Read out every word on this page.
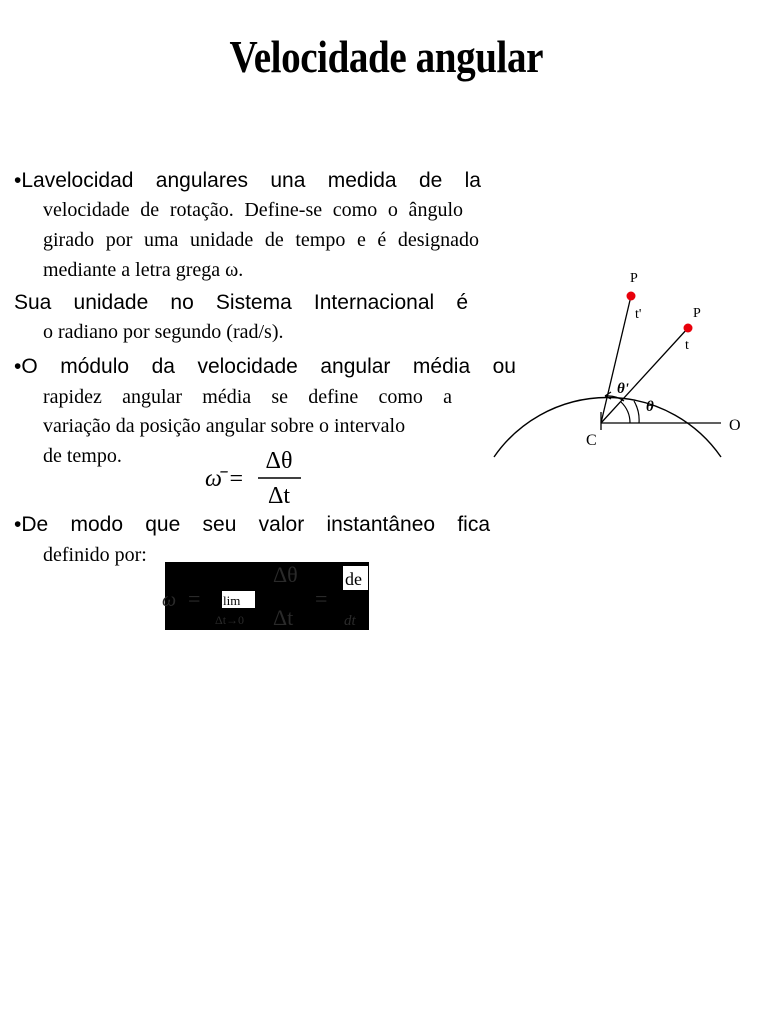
Velocidade angular
•Lavelocidad angulares una medida de la
velocidade de rotação. Define-se como o ângulo
girado por uma unidade de tempo e é designado
mediante a letra grega ω.
Sua unidade no Sistema Internacional é
o radiano por segundo (rad/s).
•O módulo da velocidade angular média ou
rapidez angular média se define como a
variação da posição angular sobre o intervalo
de tempo.
•De modo que seu valor instantâneo fica
definido por:
ω̄ =
Δθ
Δt
ω = lim
Δt→0
Δθ
Δt
=
de
dt
P
P
t'
t
θ'
θ
C
O
